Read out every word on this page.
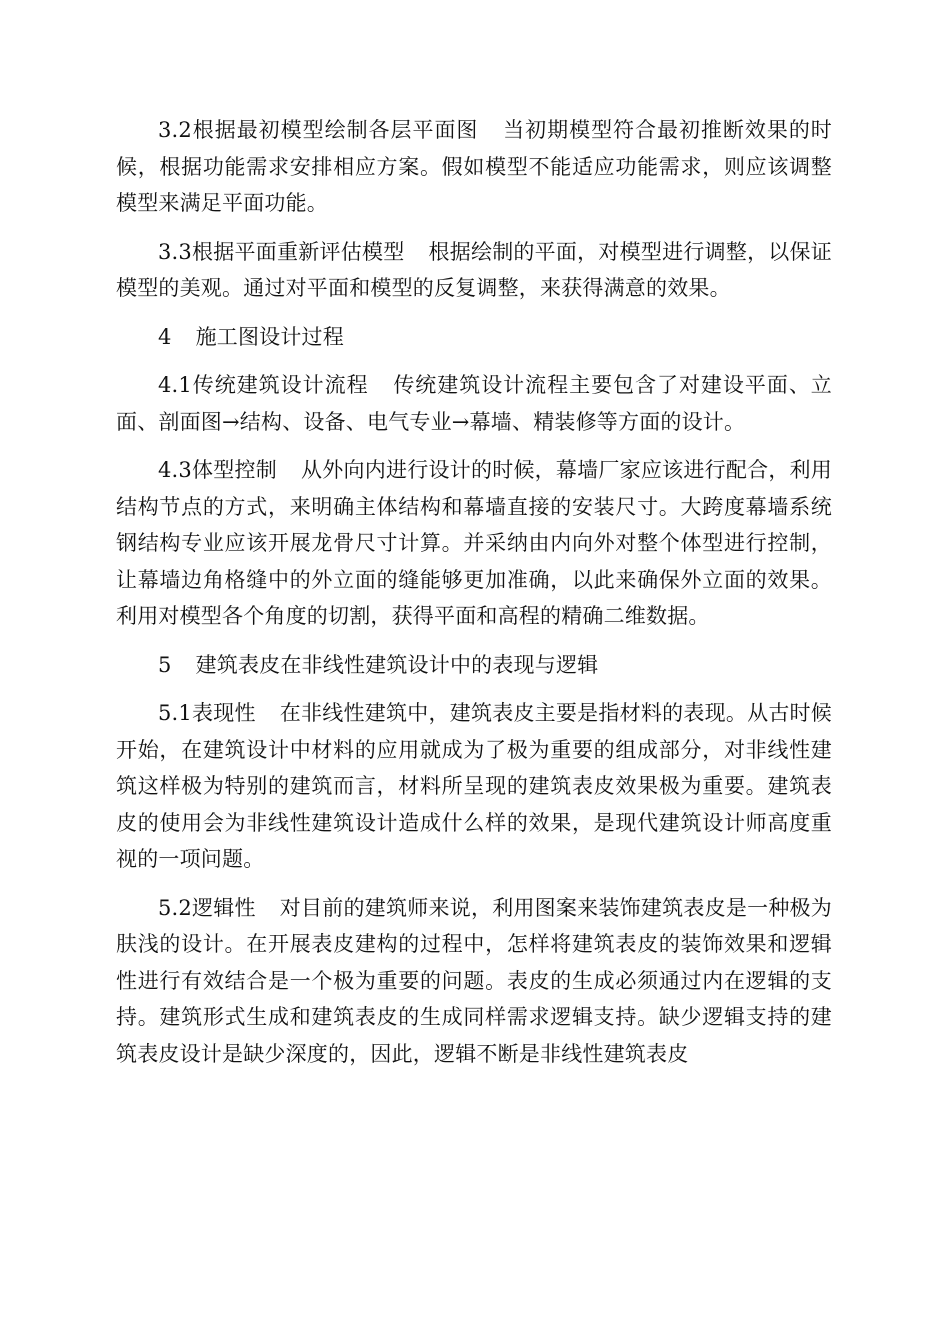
3.2根据最初模型绘制各层平面图 当初期模型符合最初推断效果的时候，根据功能需求安排相应方案。假如模型不能适应功能需求，则应该调整模型来满足平面功能。

3.3根据平面重新评估模型 根据绘制的平面，对模型进行调整，以保证模型的美观。通过对平面和模型的反复调整，来获得满意的效果。

4 施工图设计过程

4.1传统建筑设计流程 传统建筑设计流程主要包含了对建设平面、立面、剖面图→结构、设备、电气专业→幕墙、精装修等方面的设计。

4.3体型控制 从外向内进行设计的时候，幕墙厂家应该进行配合，利用结构节点的方式，来明确主体结构和幕墙直接的安装尺寸。大跨度幕墙系统钢结构专业应该开展龙骨尺寸计算。并采纳由内向外对整个体型进行控制，让幕墙边角格缝中的外立面的缝能够更加准确，以此来确保外立面的效果。利用对模型各个角度的切割，获得平面和高程的精确二维数据。

5 建筑表皮在非线性建筑设计中的表现与逻辑

5.1表现性 在非线性建筑中，建筑表皮主要是指材料的表现。从古时候开始，在建筑设计中材料的应用就成为了极为重要的组成部分，对非线性建筑这样极为特别的建筑而言，材料所呈现的建筑表皮效果极为重要。建筑表皮的使用会为非线性建筑设计造成什么样的效果，是现代建筑设计师高度重视的一项问题。

5.2逻辑性 对目前的建筑师来说，利用图案来装饰建筑表皮是一种极为肤浅的设计。在开展表皮建构的过程中，怎样将建筑表皮的装饰效果和逻辑性进行有效结合是一个极为重要的问题。表皮的生成必须通过内在逻辑的支持。建筑形式生成和建筑表皮的生成同样需求逻辑支持。缺少逻辑支持的建筑表皮设计是缺少深度的，因此，逻辑不断是非线性建筑表皮
